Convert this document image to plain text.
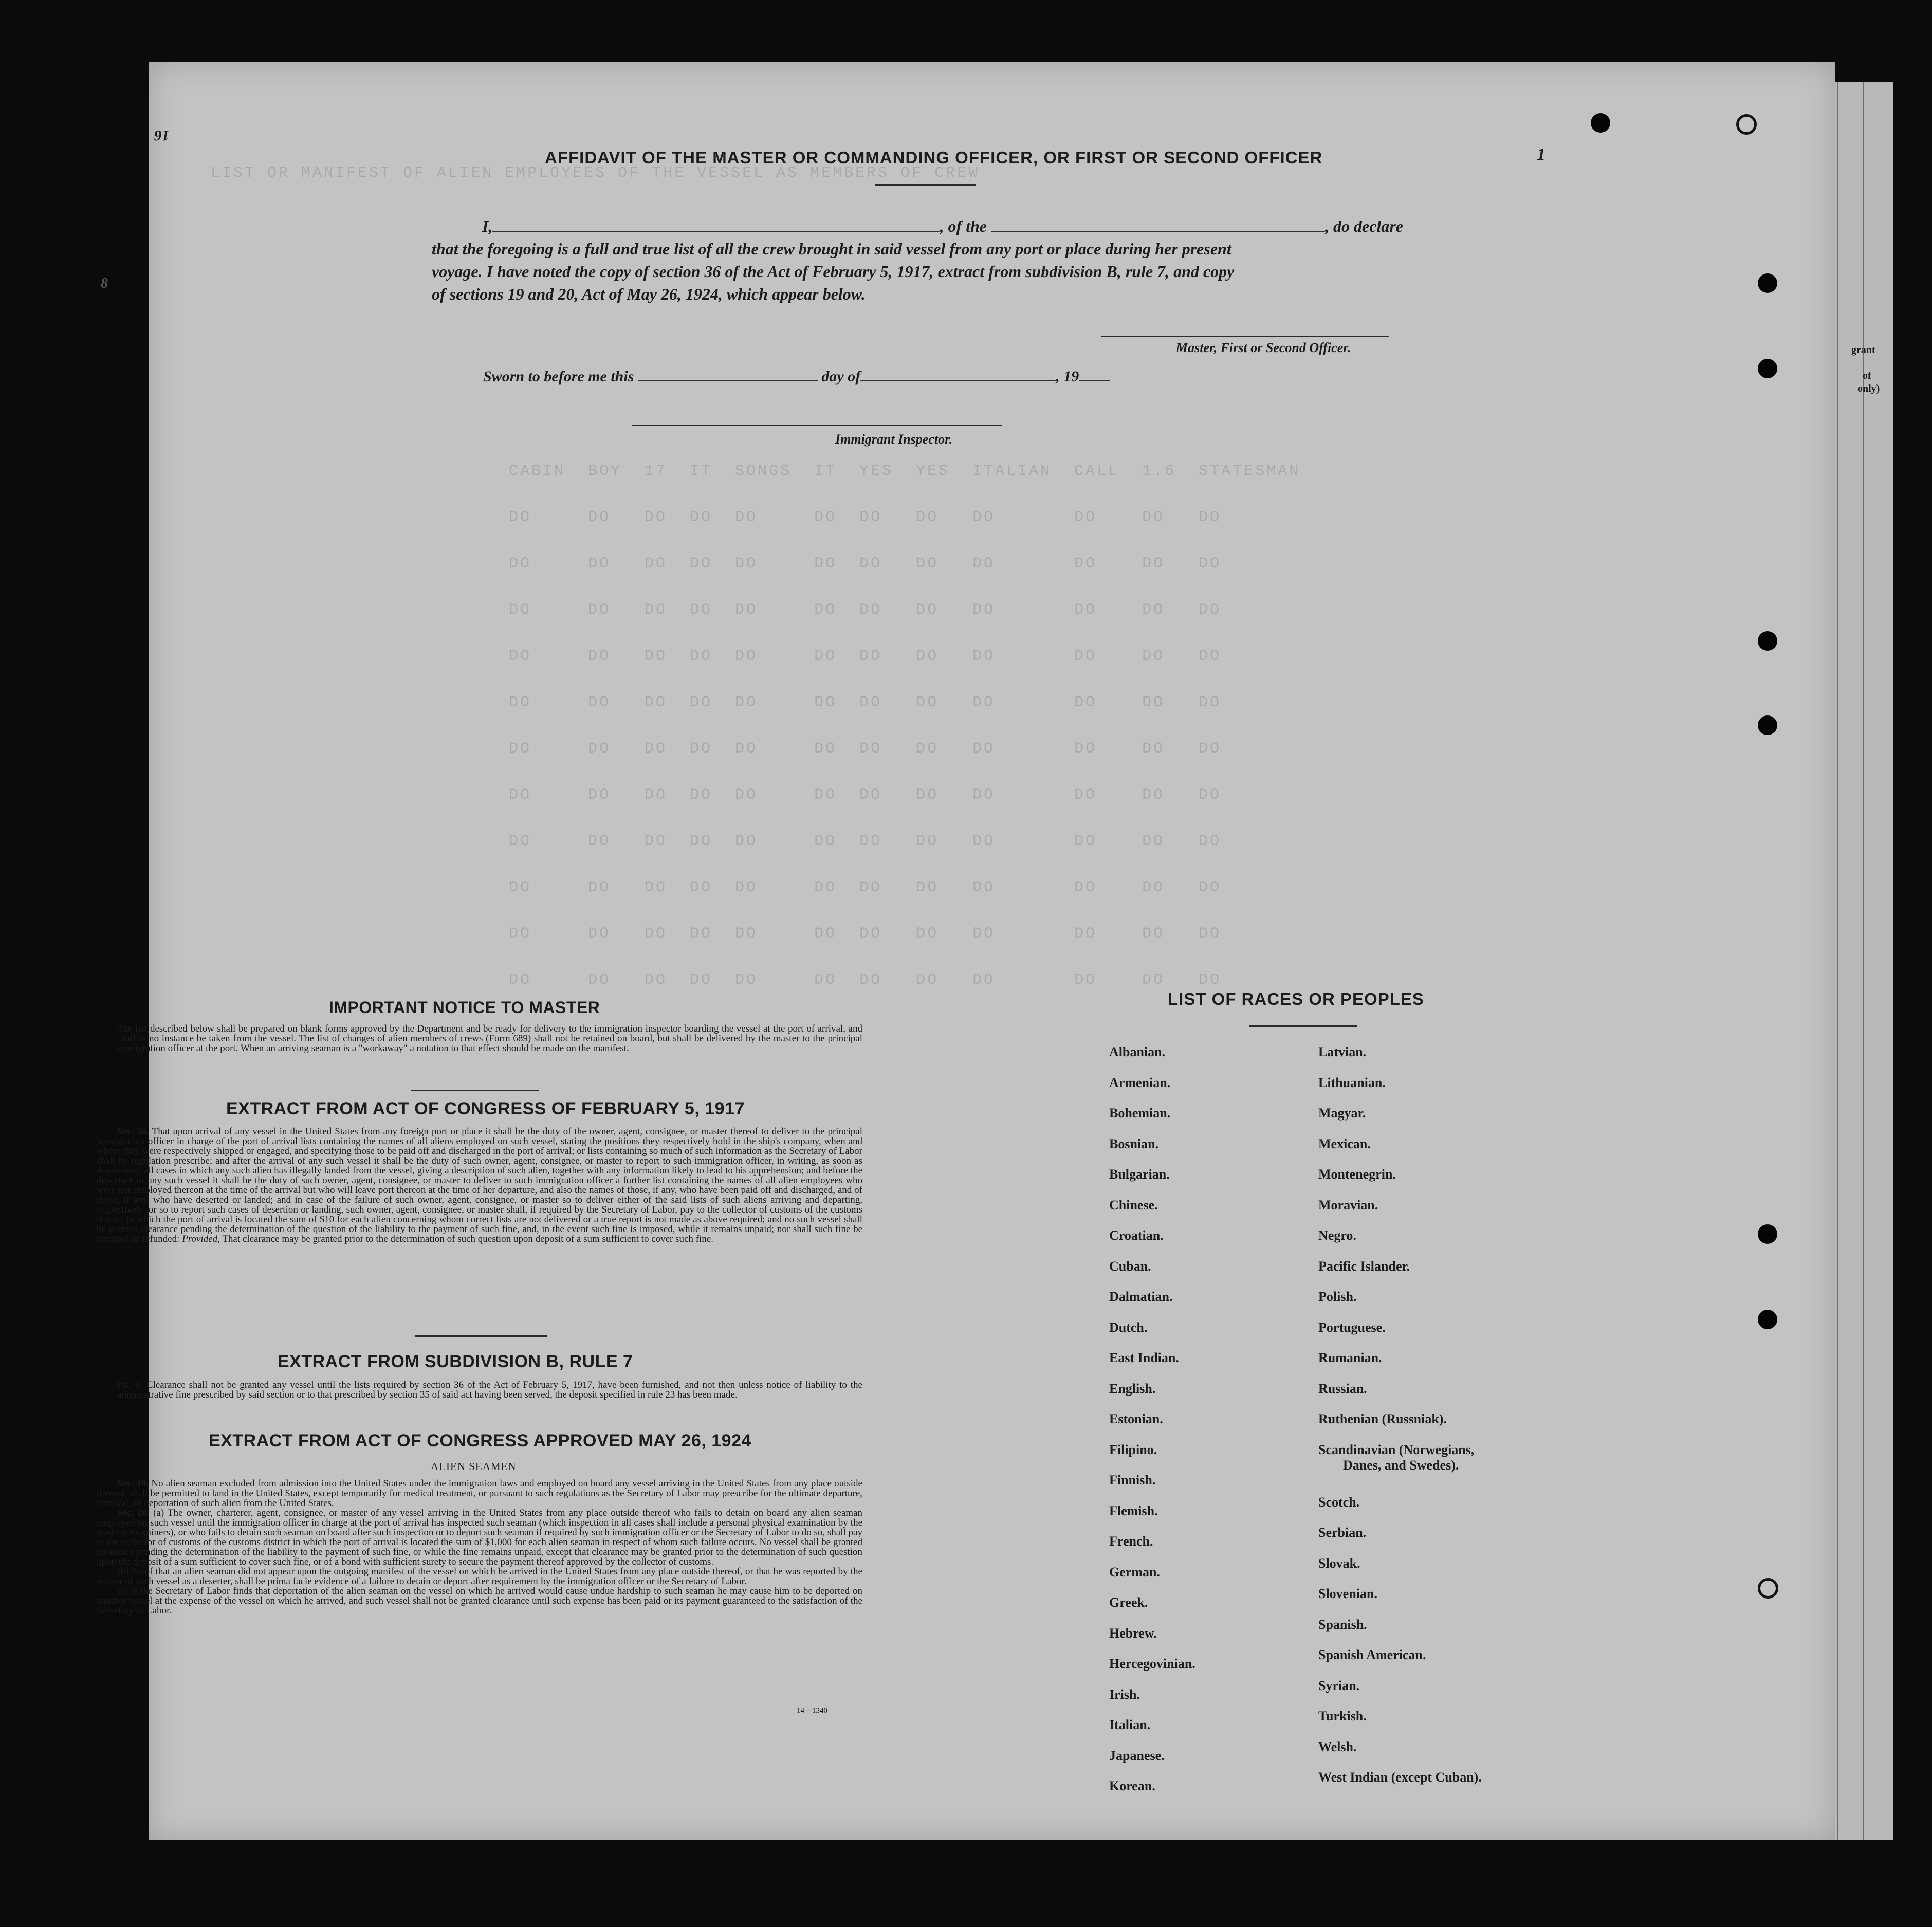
grant
of
only)
LIST OR MANIFEST OF ALIEN EMPLOYEES OF THE VESSEL AS MEMBERS OF CREW
CABIN  BOY  17  IT  SONGS  IT  YES  YES  ITALIAN  CALL  1.6  STATESMAN
DO     DO   DO  DO  DO     DO  DO   DO   DO       DO    DO   DO
DO     DO   DO  DO  DO     DO  DO   DO   DO       DO    DO   DO
DO     DO   DO  DO  DO     DO  DO   DO   DO       DO    DO   DO
DO     DO   DO  DO  DO     DO  DO   DO   DO       DO    DO   DO
DO     DO   DO  DO  DO     DO  DO   DO   DO       DO    DO   DO
DO     DO   DO  DO  DO     DO  DO   DO   DO       DO    DO   DO
DO     DO   DO  DO  DO     DO  DO   DO   DO       DO    DO   DO
DO     DO   DO  DO  DO     DO  DO   DO   DO       DO    DO   DO
DO     DO   DO  DO  DO     DO  DO   DO   DO       DO    DO   DO
DO     DO   DO  DO  DO     DO  DO   DO   DO       DO    DO   DO
DO     DO   DO  DO  DO     DO  DO   DO   DO       DO    DO   DO
16
8
1
AFFIDAVIT OF THE MASTER OR COMMANDING OFFICER, OR FIRST OR SECOND OFFICER
I,	, of the	, do declare
that the foregoing is a full and true list of all the crew brought in said vessel from any port or place during her present
voyage. I have noted the copy of section 36 of the Act of February 5, 1917, extract from subdivision B, rule 7, and copy
of sections 19 and 20, Act of May 26, 1924, which appear below.
Master, First or Second Officer.
Sworn to before me this	day of	, 19
Immigrant Inspector.
IMPORTANT NOTICE TO MASTER
The list described below shall be prepared on blank forms approved by the Department and be ready for delivery to the immigration inspector boarding the vessel at the port of arrival, and shall in no instance be taken from the vessel. The list of changes of alien members of crews (Form 689) shall not be retained on board, but shall be delivered by the master to the principal immigration officer at the port. When an arriving seaman is a "workaway" a notation to that effect should be made on the manifest.
EXTRACT FROM ACT OF CONGRESS OF FEBRUARY 5, 1917
Sec. 36. That upon arrival of any vessel in the United States from any foreign port or place it shall be the duty of the owner, agent, consignee, or master thereof to deliver to the principal immigration officer in charge of the port of arrival lists containing the names of all aliens employed on such vessel, stating the positions they respectively hold in the ship's company, when and where they were respectively shipped or engaged, and specifying those to be paid off and discharged in the port of arrival; or lists containing so much of such information as the Secretary of Labor shall by regulation prescribe; and after the arrival of any such vessel it shall be the duty of such owner, agent, consignee, or master to report to such immigration officer, in writing, as soon as discovered, all cases in which any such alien has illegally landed from the vessel, giving a description of such alien, together with any information likely to lead to his apprehension; and before the departure of any such vessel it shall be the duty of such owner, agent, consignee, or master to deliver to such immigration officer a further list containing the names of all alien employees who were not employed thereon at the time of the arrival but who will leave port thereon at the time of her departure, and also the names of those, if any, who have been paid off and discharged, and of those, if any, who have deserted or landed; and in case of the failure of such owner, agent, consignee, or master so to deliver either of the said lists of such aliens arriving and departing, respectively, or so to report such cases of desertion or landing, such owner, agent, consignee, or master shall, if required by the Secretary of Labor, pay to the collector of customs of the customs district in which the port of arrival is located the sum of $10 for each alien concerning whom correct lists are not delivered or a true report is not made as above required; and no such vessel shall be granted clearance pending the determination of the question of the liability to the payment of such fine, and, in the event such fine is imposed, while it remains unpaid; nor shall such fine be remitted or refunded: Provided, That clearance may be granted prior to the determination of such question upon deposit of a sum sufficient to cover such fine.
EXTRACT FROM SUBDIVISION B, RULE 7
Par. 6. Clearance shall not be granted any vessel until the lists required by section 36 of the Act of February 5, 1917, have been furnished, and not then unless notice of liability to the administrative fine prescribed by said section or to that prescribed by section 35 of said act having been served, the deposit specified in rule 23 has been made.
EXTRACT FROM ACT OF CONGRESS APPROVED MAY 26, 1924
ALIEN SEAMEN
Sec. 19. No alien seaman excluded from admission into the United States under the immigration laws and employed on board any vessel arriving in the United States from any place outside thereof, shall be permitted to land in the United States, except temporarily for medical treatment, or pursuant to such regulations as the Secretary of Labor may prescribe for the ultimate departure, removal, or deportation of such alien from the United States.
Sec. 20. (a) The owner, charterer, agent, consignee, or master of any vessel arriving in the United States from any place outside thereof who fails to detain on board any alien seaman employed on such vessel until the immigration officer in charge at the port of arrival has inspected such seaman (which inspection in all cases shall include a personal physical examination by the medical examiners), or who fails to detain such seaman on board after such inspection or to deport such seaman if required by such immigration officer or the Secretary of Labor to do so, shall pay to the collector of customs of the customs district in which the port of arrival is located the sum of $1,000 for each alien seaman in respect of whom such failure occurs. No vessel shall be granted clearance pending the determination of the liability to the payment of such fine, or while the fine remains unpaid, except that clearance may be granted prior to the determination of such question upon the deposit of a sum sufficient to cover such fine, or of a bond with sufficient surety to secure the payment thereof approved by the collector of customs.
(b) Proof that an alien seaman did not appear upon the outgoing manifest of the vessel on which he arrived in the United States from any place outside thereof, or that he was reported by the master of such vessel as a deserter, shall be prima facie evidence of a failure to detain or deport after requirement by the immigration officer or the Secretary of Labor.
(c) If the Secretary of Labor finds that deportation of the alien seaman on the vessel on which he arrived would cause undue hardship to such seaman he may cause him to be deported on another vessel at the expense of the vessel on which he arrived, and such vessel shall not be granted clearance until such expense has been paid or its payment guaranteed to the satisfaction of the Secretary of Labor.
14—1340
LIST OF RACES OR PEOPLES
Albanian.
Armenian.
Bohemian.
Bosnian.
Bulgarian.
Chinese.
Croatian.
Cuban.
Dalmatian.
Dutch.
East Indian.
English.
Estonian.
Filipino.
Finnish.
Flemish.
French.
German.
Greek.
Hebrew.
Hercegovinian.
Irish.
Italian.
Japanese.
Korean.
Latvian.
Lithuanian.
Magyar.
Mexican.
Montenegrin.
Moravian.
Negro.
Pacific Islander.
Polish.
Portuguese.
Rumanian.
Russian.
Ruthenian (Russniak).
Scandinavian (Norwegians,
Danes, and Swedes).
Scotch.
Serbian.
Slovak.
Slovenian.
Spanish.
Spanish American.
Syrian.
Turkish.
Welsh.
West Indian (except Cuban).
